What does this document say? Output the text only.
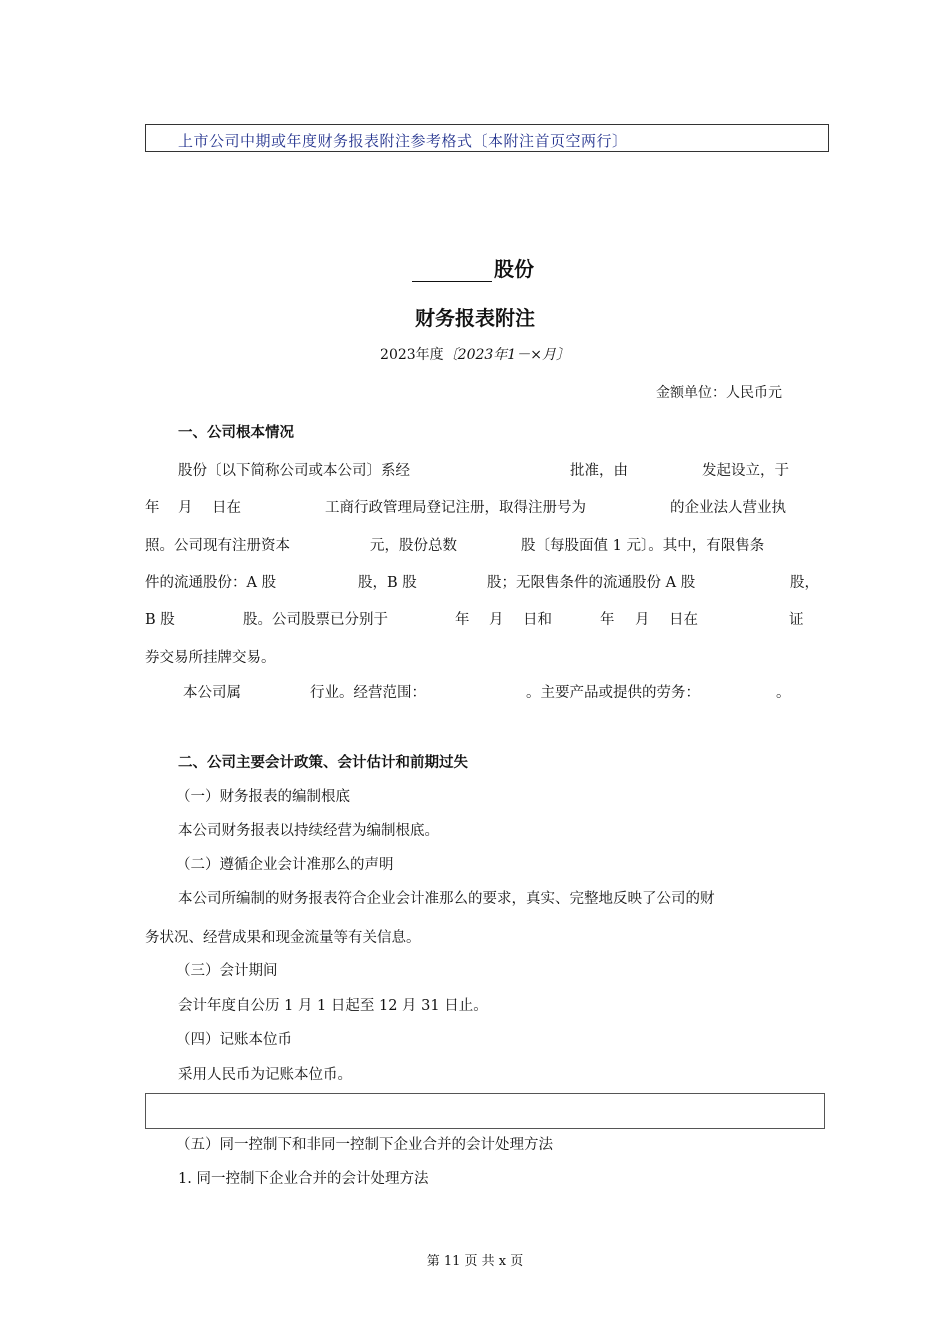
上市公司中期或年度财务报表附注参考格式〔本附注首页空两行〕
股份
财务报表附注
2023年度〔2023年1－×月〕
金额单位：人民币元
一、公司根本情况
股份〔以下简称公司或本公司〕系经	批准，由	发起设立，于
年 月 日在	工商行政管理局登记注册，取得注册号为	的企业法人营业执
照。公司现有注册资本	元，股份总数	股〔每股面值 1 元〕。其中，有限售条
件的流通股份：A 股	股，B 股	股；无限售条件的流通股份 A 股	股，
B 股	股。公司股票已分别于	年 月 日和	年 月 日在	证
券交易所挂牌交易。
本公司属	行业。经营范围：	。主要产品或提供的劳务：	。
二、公司主要会计政策、会计估计和前期过失
（一）财务报表的编制根底
本公司财务报表以持续经营为编制根底。
（二）遵循企业会计准那么的声明
本公司所编制的财务报表符合企业会计准那么的要求，真实、完整地反映了公司的财
务状况、经营成果和现金流量等有关信息。
（三）会计期间
会计年度自公历 1 月 1 日起至 12 月 31 日止。
（四）记账本位币
采用人民币为记账本位币。
（五）同一控制下和非同一控制下企业合并的会计处理方法
1. 同一控制下企业合并的会计处理方法
第 11 页 共 x 页
